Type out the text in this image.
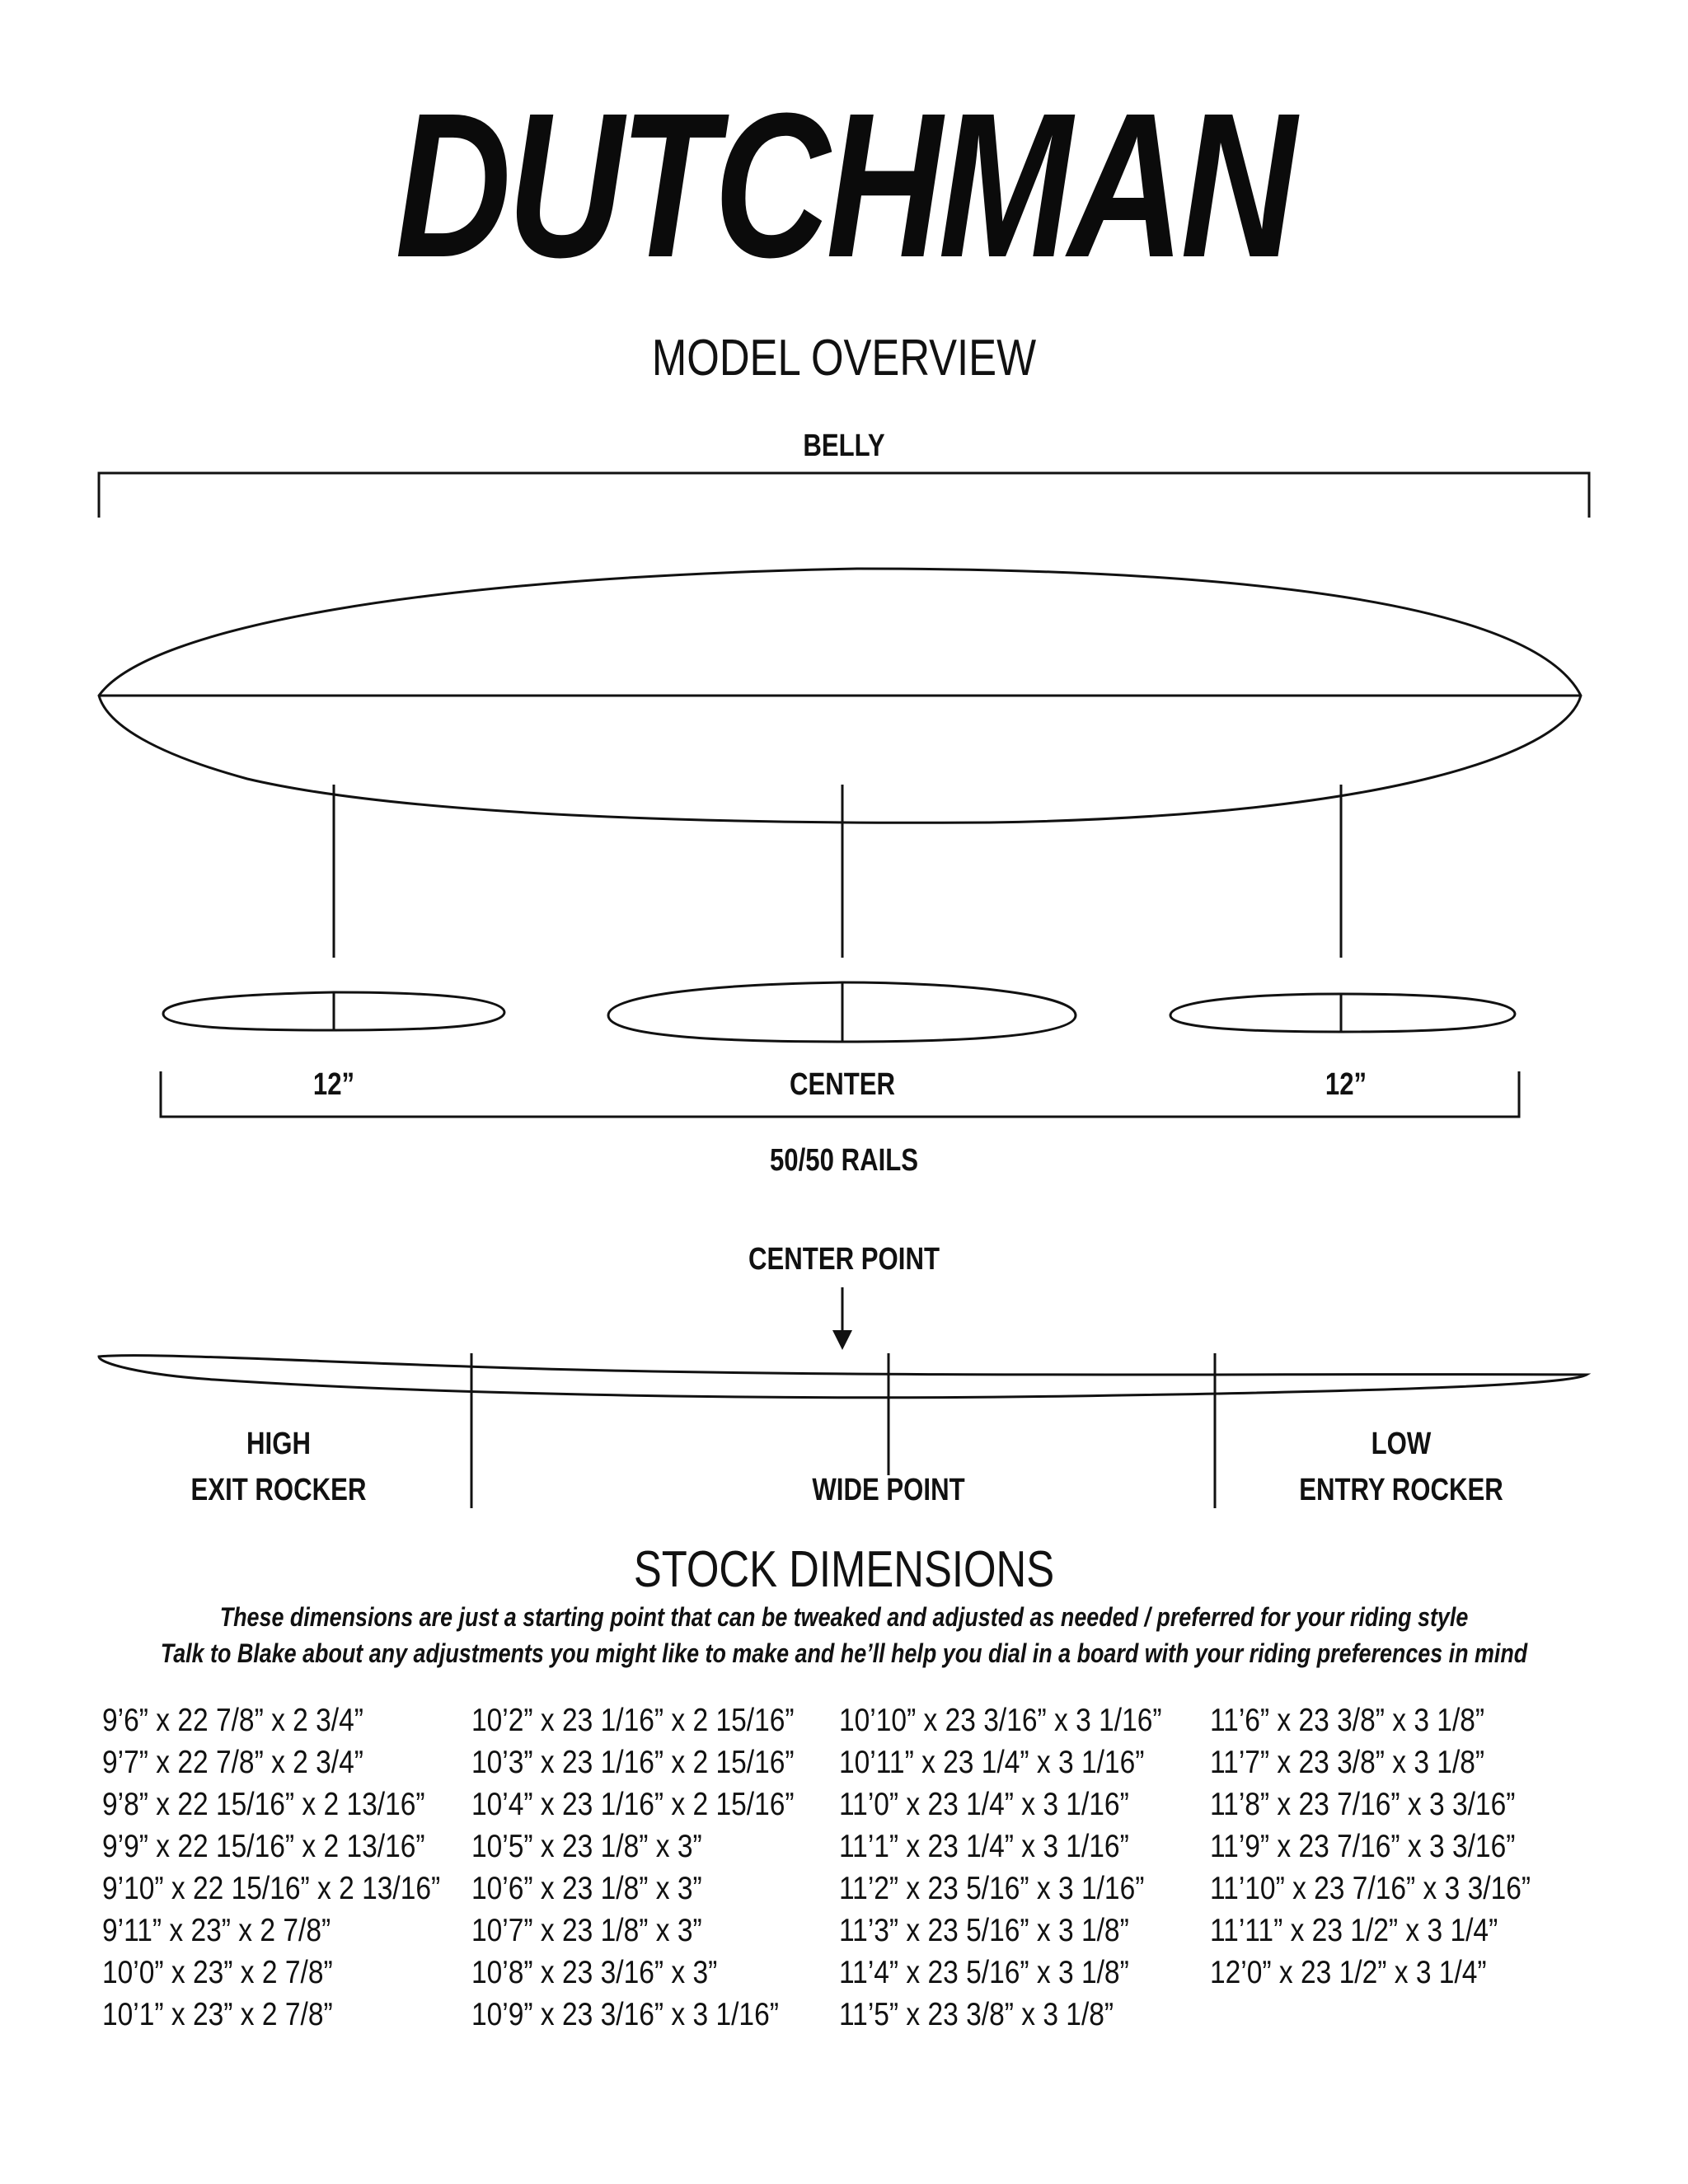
DUTCHMAN
MODEL OVERVIEW
BELLY
12”	CENTER	12”
50/50 RAILS
CENTER POINT
HIGH
EXIT ROCKER	WIDE POINT
LOW
ENTRY ROCKER
STOCK DIMENSIONS
These dimensions are just a starting point that can be tweaked and adjusted as needed / preferred for your riding style
Talk to Blake about any adjustments you might like to make and he’ll help you dial in a board with your riding preferences in mind
9’6” x 22 7/8” x 2 3/4”
9’7” x 22 7/8” x 2 3/4”
9’8” x 22 15/16” x 2 13/16”
9’9” x 22 15/16” x 2 13/16”
9’10” x 22 15/16” x 2 13/16”
9’11” x 23” x 2 7/8”
10’0” x 23” x 2 7/8”
10’1” x 23” x 2 7/8”
10’2” x 23 1/16” x 2 15/16”
10’3” x 23 1/16” x 2 15/16”
10’4” x 23 1/16” x 2 15/16”
10’5” x 23 1/8” x 3”
10’6” x 23 1/8” x 3”
10’7” x 23 1/8” x 3”
10’8” x 23 3/16” x 3”
10’9” x 23 3/16” x 3 1/16”
10’10” x 23 3/16” x 3 1/16”
10’11” x 23 1/4” x 3 1/16”
11’0” x 23 1/4” x 3 1/16”
11’1” x 23 1/4” x 3 1/16”
11’2” x 23 5/16” x 3 1/16”
11’3” x 23 5/16” x 3 1/8”
11’4” x 23 5/16” x 3 1/8”
11’5” x 23 3/8” x 3 1/8”
11’6” x 23 3/8” x 3 1/8”
11’7” x 23 3/8” x 3 1/8”
11’8” x 23 7/16” x 3 3/16”
11’9” x 23 7/16” x 3 3/16”
11’10” x 23 7/16” x 3 3/16”
11’11” x 23 1/2” x 3 1/4”
12’0” x 23 1/2” x 3 1/4”
